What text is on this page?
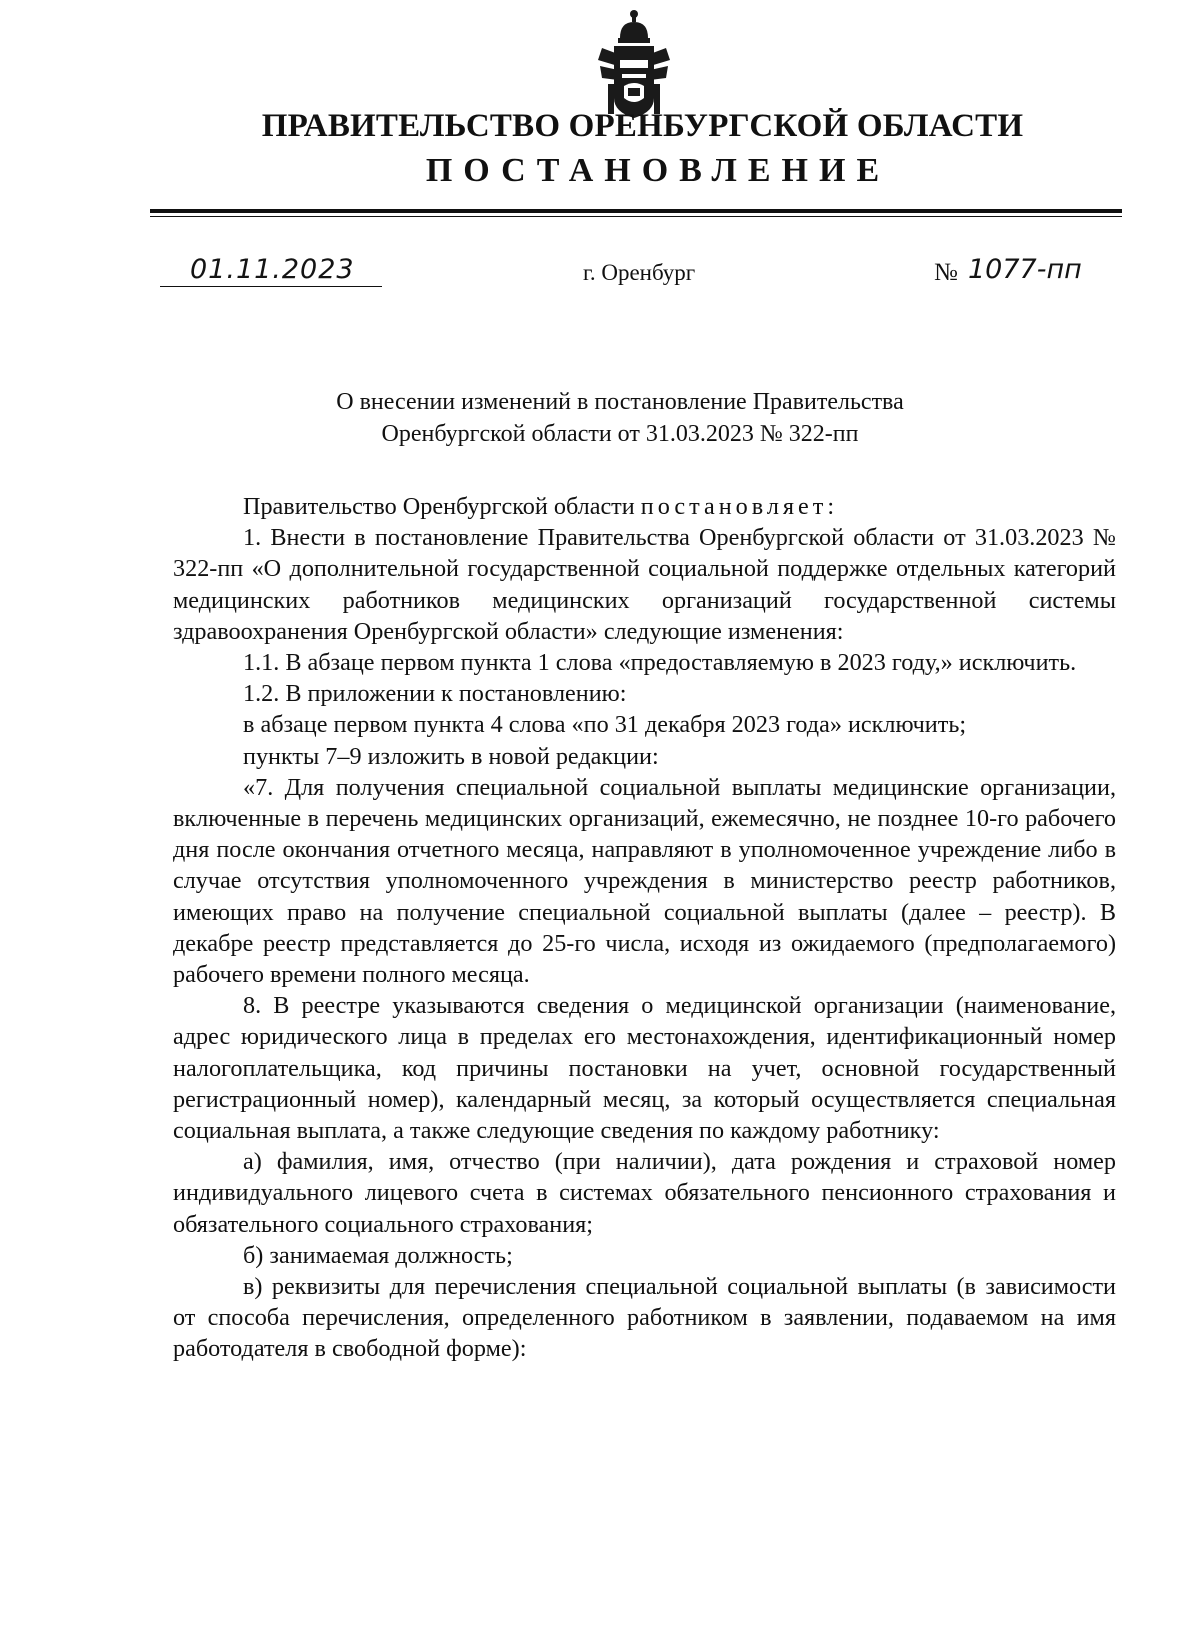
ПРАВИТЕЛЬСТВО ОРЕНБУРГСКОЙ ОБЛАСТИ
ПОСТАНОВЛЕНИЕ
01.11.2023	г. Оренбург	№ 1077-пп
О внесении изменений в постановление Правительства
Оренбургской области от 31.03.2023 № 322-пп

Правительство Оренбургской области постановляет:

1. Внести в постановление Правительства Оренбургской области от 31.03.2023 № 322-пп «О дополнительной государственной социальной поддержке отдельных категорий медицинских работников медицинских организаций государственной системы здравоохранения Оренбургской области» следующие изменения:

1.1. В абзаце первом пункта 1 слова «предоставляемую в 2023 году,» исключить.

1.2. В приложении к постановлению:

в абзаце первом пункта 4 слова «по 31 декабря 2023 года» исключить;

пункты 7–9 изложить в новой редакции:

«7. Для получения специальной социальной выплаты медицинские организации, включенные в перечень медицинских организаций, ежемесячно, не позднее 10-го рабочего дня после окончания отчетного месяца, направляют в уполномоченное учреждение либо в случае отсутствия уполномоченного учреждения в министерство реестр работников, имеющих право на получение специальной социальной выплаты (далее – реестр). В декабре реестр представляется до 25-го числа, исходя из ожидаемого (предполагаемого) рабочего времени полного месяца.

8. В реестре указываются сведения о медицинской организации (наименование, адрес юридического лица в пределах его местонахождения, идентификационный номер налогоплательщика, код причины постановки на учет, основной государственный регистрационный номер), календарный месяц, за который осуществляется специальная социальная выплата, а также следующие сведения по каждому работнику:

а) фамилия, имя, отчество (при наличии), дата рождения и страховой номер индивидуального лицевого счета в системах обязательного пенсионного страхования и обязательного социального страхования;

б) занимаемая должность;

в) реквизиты для перечисления специальной социальной выплаты (в зависимости от способа перечисления, определенного работником в заявлении, подаваемом на имя работодателя в свободной форме):
